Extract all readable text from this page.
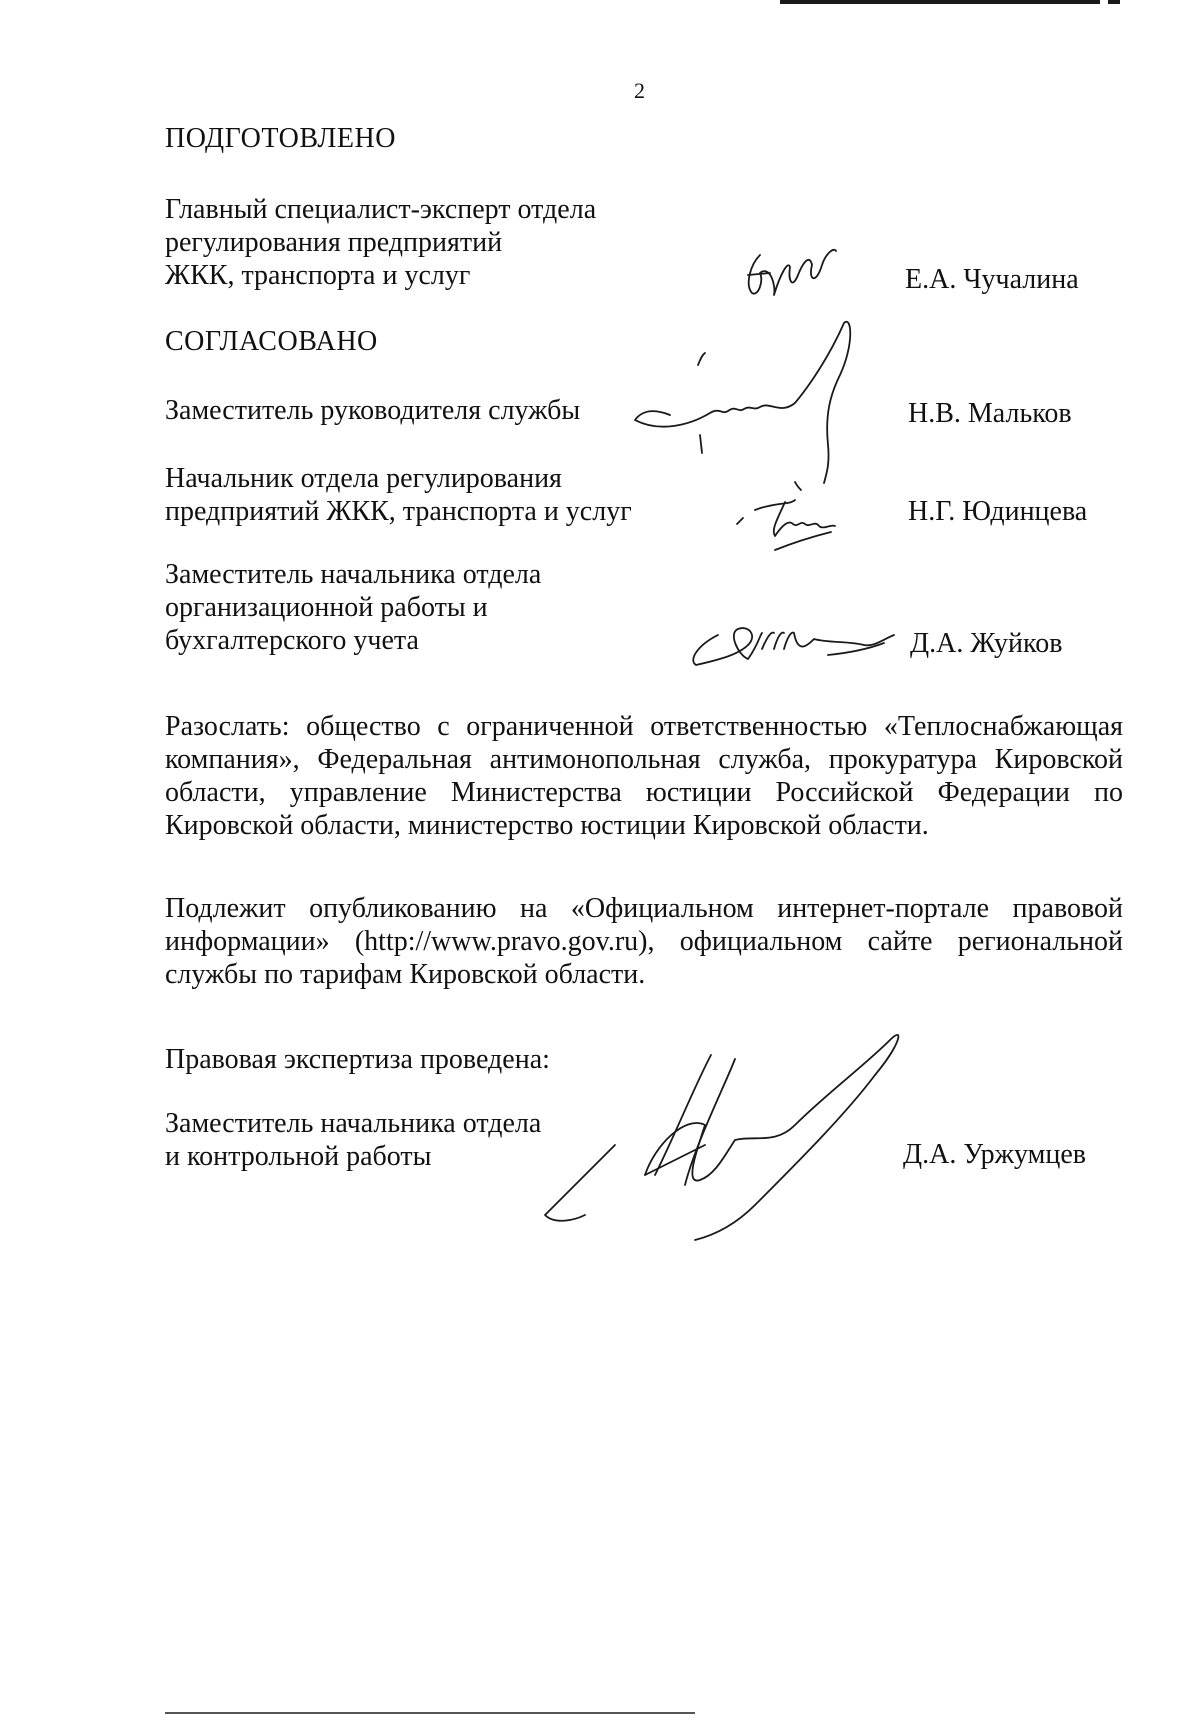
2
ПОДГОТОВЛЕНО
Главный специалист-эксперт отдела
регулирования предприятий
ЖКК, транспорта и услуг	Е.А. Чучалина
СОГЛАСОВАНО
Заместитель руководителя службы	Н.В. Мальков
Начальник отдела регулирования
предприятий ЖКК, транспорта и услуг	Н.Г. Юдинцева
Заместитель начальника отдела
организационной работы и
бухгалтерского учета	Д.А. Жуйков
Разослать: общество с ограниченной ответственностью «Теплоснабжающая
компания», Федеральная антимонопольная служба, прокуратура Кировской
области, управление Министерства юстиции Российской Федерации по
Кировской области, министерство юстиции Кировской области.
Подлежит опубликованию на «Официальном интернет-портале правовой
информации» (http://www.pravo.gov.ru), официальном сайте региональной
службы по тарифам Кировской области.
Правовая экспертиза проведена:
Заместитель начальника отдела
и контрольной работы	Д.А. Уржумцев
